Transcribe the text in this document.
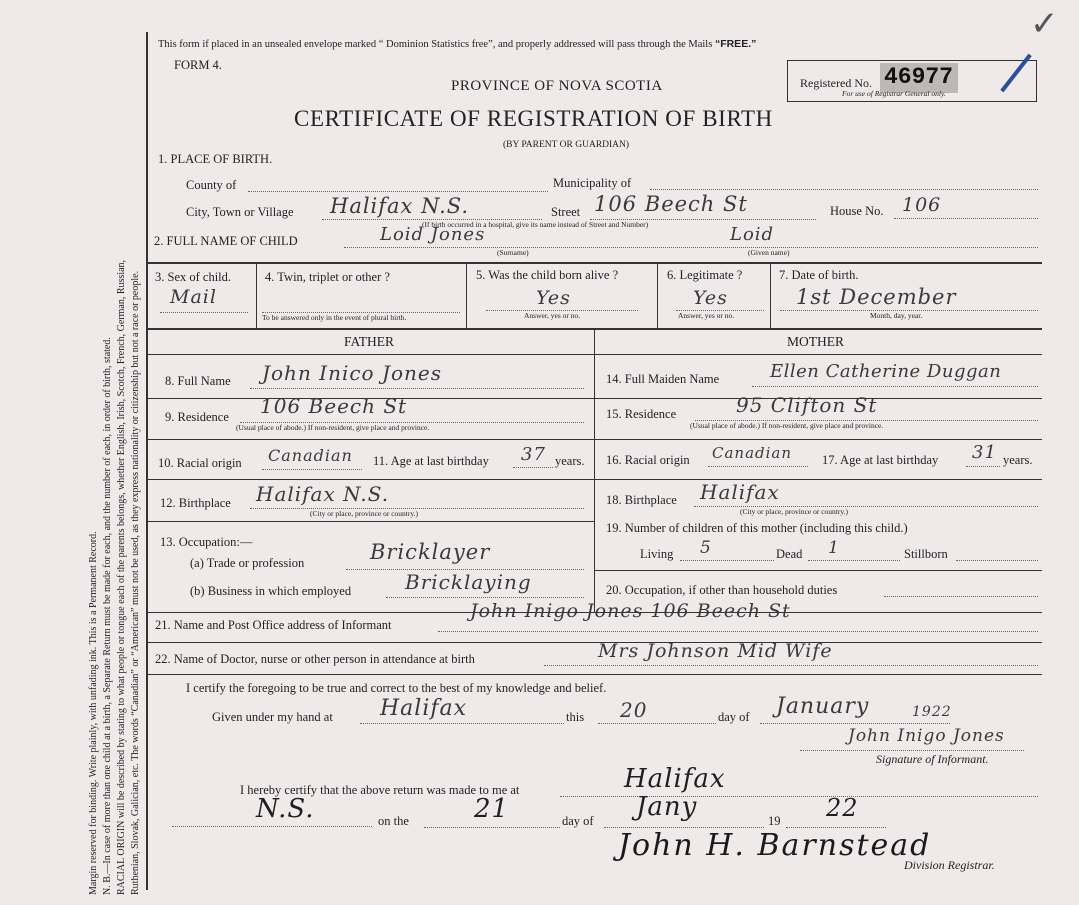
Margin reserved for binding. Write plainly, with unfading ink. This is a Permanent Record. N. B.—In case of more than one child at a birth, a Separate Return must be made for each, and the number of each, in order of birth, stated. RACIAL ORIGIN will be described by stating to what people or tongue each of the parents belongs, whether English, Irish, Scotch, French, German, Russian, Ruthenian, Slovak, Galician, etc. The words “Canadian” or “American” must not be used, as they express nationality or citizenship but not a race or people.
This form if placed in an unsealed envelope marked “ Dominion Statistics free”, and properly addressed will pass through the Mails “FREE.”	✓
FORM 4.
PROVINCE OF NOVA SCOTIA
CERTIFICATE OF REGISTRATION OF BIRTH
(BY PARENT OR GUARDIAN)
Registered No. 46977
For use of Registrar General only.
1. PLACE OF BIRTH.
County of	Municipality of
City, Town or Village Halifax N.S.	Street 106 Beech St
(If birth occurred in a hospital, give its name instead of Street and Number)
House No. 106
2. FULL NAME OF CHILD	Loid Jones	Loid
(Surname)	(Given name)
3. Sex of child.
Mail
4. Twin, triplet or other ?
To be answered only in the event of plural birth.
5. Was the child born alive ?
Yes
Answer, yes or no.
6. Legitimate ?
Yes
Answer, yes or no.
7. Date of birth.
1st December
Month, day, year.
FATHER	MOTHER
8. Full Name John Inico Jones
9. Residence 106 Beech St
(Usual place of abode.) If non-resident, give place and province.
10. Racial origin Canadian 11. Age at last birthday 37 years.
12. Birthplace Halifax N.S.
(City or place, province or country.)
13. Occupation:—
(a) Trade or profession	Bricklayer
(b) Business in which employed	Bricklaying
14. Full Maiden Name	Ellen Catherine Duggan
15. Residence	95 Clifton St
(Usual place of abode.) If non-resident, give place and province.
16. Racial origin Canadian 17. Age at last birthday 31 years.
18. Birthplace Halifax
(City or place, province or country.)
19. Number of children of this mother (including this child.)
Living 5	Dead 1	Stillborn
20. Occupation, if other than household duties
21. Name and Post Office address of Informant
John Inigo Jones 106 Beech St
22. Name of Doctor, nurse or other person in attendance at birth	Mrs Johnson Mid Wife
I certify the foregoing to be true and correct to the best of my knowledge and belief.
Given under my hand at Halifax	this 20	day of January	1922
John Inigo Jones
Signature of Informant.
I hereby certify that the above return was made to me at	Halifax
N.S.	on the	21	day of Jany	19 22
John H. Barnstead
Division Registrar.
